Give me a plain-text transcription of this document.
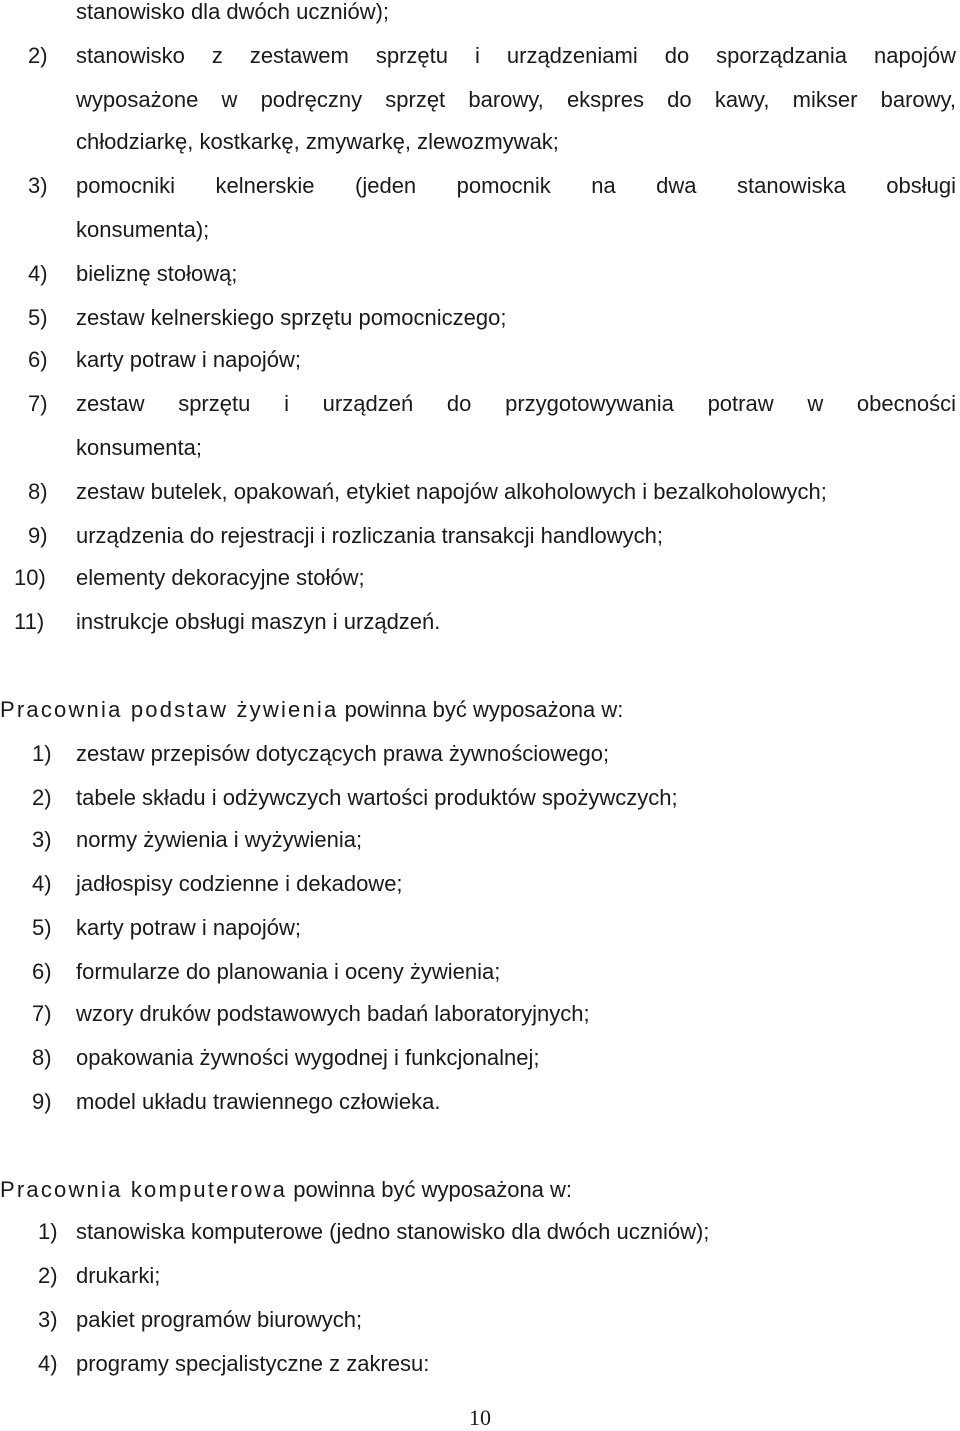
stanowisko dla dwóch uczniów);
2) stanowisko z zestawem sprzętu i urządzeniami do sporządzania napojów
wyposażone w podręczny sprzęt barowy, ekspres do kawy, mikser barowy,
chłodziarkę, kostkarkę, zmywarkę, zlewozmywak;
3) pomocniki kelnerskie (jeden pomocnik na dwa stanowiska obsługi
konsumenta);
4) bieliznę stołową;
5) zestaw kelnerskiego sprzętu pomocniczego;
6) karty potraw i napojów;
7) zestaw sprzętu i urządzeń do przygotowywania potraw w obecności
konsumenta;
8) zestaw butelek, opakowań, etykiet napojów alkoholowych i bezalkoholowych;
9) urządzenia do rejestracji i rozliczania transakcji handlowych;
10) elementy dekoracyjne stołów;
11) instrukcje obsługi maszyn i urządzeń.
Pracownia podstaw żywienia powinna być wyposażona w:
1) zestaw przepisów dotyczących prawa żywnościowego;
2) tabele składu i odżywczych wartości produktów spożywczych;
3) normy żywienia i wyżywienia;
4) jadłospisy codzienne i dekadowe;
5) karty potraw i napojów;
6) formularze do planowania i oceny żywienia;
7) wzory druków podstawowych badań laboratoryjnych;
8) opakowania żywności wygodnej i funkcjonalnej;
9) model układu trawiennego człowieka.
Pracownia komputerowa powinna być wyposażona w:
1) stanowiska komputerowe (jedno stanowisko dla dwóch uczniów);
2) drukarki;
3) pakiet programów biurowych;
4) programy specjalistyczne z zakresu:
10
